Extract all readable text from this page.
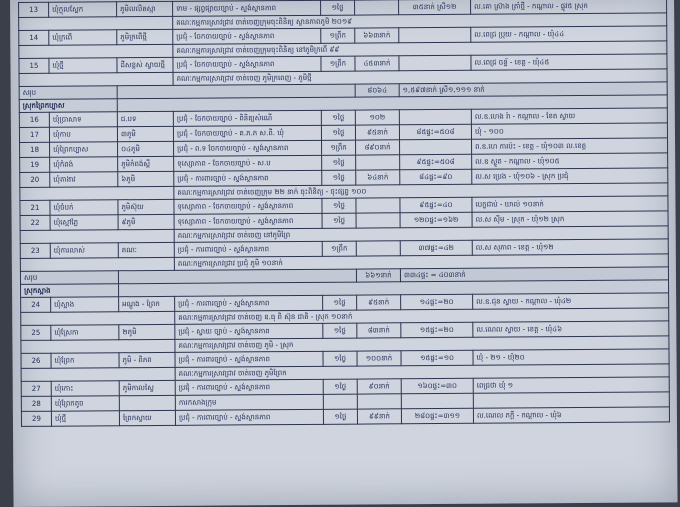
13	ឃុំក្ដុលស្លែក	ភូមិលលិតស្មា	ទាម - ផ្សព្វផ្សាយច្បាប់ - ស្ទង់ស្ថានភាព	១ថ្ងៃ		៣៥នាក់ ស្រី១២	ល.គោ ស្រ៊ាង ត្រាំថ្មី - កណ្ដាល - ផ្លូវ៥ ស្រុក
			គណៈកម្មការស្រាវជ្រាវ ចាត់ចេញក្រុមចុះពិនិត្យ ស្ថានភាពភូមិ ២០១៩				
14	ឃុំក្រពើ	ភូមិក្រពើថ្មី	ប្រជុំ - ចែកចាយច្បាប់ - ស្ទង់ស្ថានភាព	១ព្រឹក	៦៦៣នាក់		ល.ពេជ្រ ប្រុយ - កណ្ដាល - ឃុំ៤៤
			គណៈកម្មការស្រាវជ្រាវ ចាត់ចេញក្រុមចុះពិនិត្យ នៅភូមិក្រពើ ៩៩				
15	ឃុំថ្មី	ដីសខ្ពស់ ស្វាយថ្មី	ប្រជុំ - ចែកចាយច្បាប់ - ស្ទង់ស្ថានភាព	១ព្រឹក	៤៥៣នាក់		ល.ពេជ្រ ចន្ទ័ - ខេត្ត - ឃុំ៤៥
			គណៈកម្មការស្រាវជ្រាវ ចាត់ចេញ ភូមិក្រពេញ - ភូមិថ្មី				
សរុប					៨០៦៤	១,៥៩៧នាក់ ស្រី១,១១១ នាក់	
ស្រុកព្រៃកប្បាស							
16	ឃុំប្រាសាទ	ជ.បទ	ប្រជុំ - ចែកចាយច្បាប់ - ពិនិត្យសំណើ	១ថ្ងៃ	១០២		ល.ឧ.ហេង រ៉ា - កណ្ដាល - ខែត ស្វាយ
17	ឃុំកាប	៣ភូមិ	ប្រជុំ - ចែកចាយច្បាប់ - គ.ភ.ភ ស.ពី. ឃុំ	១ថ្ងៃ	៩៥នាក់	៨៥ផ្ទះ=៥០៨	ឃុំ - ១០០
18	ឃុំព្រៃកប្បាស	០៤ភូមិ	ប្រជុំ - ព.ទ ចែកចាយច្បាប់ - ស្ទង់ស្ថានភាព	១ព្រឹក	៨៩០នាក់		ព.ឧ.ហេ ការប៉ះ - ខេត្ត - ឃុំ១០៣ ល.ខេត្ត
19	ឃុំកំពង់	ភូមិកំពង់ស្ពឺ	ទុស្សោភាព - ចែកចាយច្បាប់ - ស.ប	១ថ្ងៃ		៩៥ផ្ទះ=៥០៨	ល.ឧ ស្ងួត - កណ្ដាល - ឃុំ១០៥
20	ឃុំតាងាវ	៦ភូមិ	ប្រជុំ - ការពារច្បាប់ - ស្ទង់ស្ថានភាព	១ថ្ងៃ	៦៤នាក់	៨៤ផ្ទះ=៩០	ល.ស ប្រេង - ឃុំ១០៦ - ស្រុក ប្រជុំ
			គណៈកម្មការស្រាវជ្រាវ ចាត់ចេញក្រុម ២២ នាក់ ចុះពិនិត្យ - ចុះផ្សព្វ ១០០				
21	ឃុំចំបក់	ភូមិស៊ុយ	ទុស្សោភាព - ចែកចាយច្បាប់ - ស្ទង់ស្ថានភាព	១ថ្ងៃ		៩៥ផ្ទះ=៤០	បេក្ខជាប់ - ឃាល់ ១០នាក់
22	ឃុំស្មៅភ្លៃ	៩ភូមិ	ទុស្សោភាព - ចែកចាយច្បាប់ - ស្ទង់ស្ថានភាព	១ថ្ងៃ		១២០ផ្ទះ=១៦២	ល.ស ស៊ីម - ស្រុក - ឃុំ១២ ស្រុក
			គណៈកម្មការស្រាវជ្រាវ ចាត់ចេញ នៅភូមិព្រៃ				
23	ឃុំការលាស់	គណៈ	ប្រជុំ - ការពារច្បាប់ - ស្ទង់ស្ថានភាព	១ព្រឹក		៣៧ផ្ទះ=៤២	ល.ស សុភាព - ខេត្ត - ឃុំ១២
			គណៈកម្មការស្រាវជ្រាវ ប្រជុំ ភូមិ ១០នាក់				
សរុប					៦៦១នាក់	៣៣៤ផ្ទះ = ៤០៣នាក់	
ស្រុកស្អាង							
24	ឃុំស្អាង	អណ្ដូង - ព្រែក	ប្រជុំ - ការពារច្បាប់ - ស្ទង់ស្ថានភាព	១ថ្ងៃ	៩៥នាក់	១៤ផ្ទះ=២០	ល.ឧ.ជុន ស្វាយ - កណ្ដាល - ឃុំ៤២
			គណៈកម្មការស្រាវជ្រាវ ចាត់ចេញ ឧ.ធុ ពិ ស៊ុន ជាតិ - ស្រុក ១០នាក់				
25	ឃុំស្រែកា	២ភូមិ	ប្រជុំ - ស្វាយ ច្បាប់ - ស្ទង់ស្ថានភាព	១ថ្ងៃ	៨៣នាក់	១៥ផ្ទះ=២០	ល.ណេល ស្វាយ - ខេត្ត - ឃុំ៤៦
			គណៈកម្មការស្រាវជ្រាវ ចាត់ចេញ ភូមិ - ស្រុក				
26	ឃុំព្រែក	ភូមិ - ពិភព	ប្រជុំ - ការពារច្បាប់ - ស្ទង់ស្ថានភាព	១ថ្ងៃ	១០០នាក់	១៥ផ្ទះ=១០	ឃុំ - ២១ - ឃុំ២០
			គណៈកម្មការស្រាវជ្រាវ ចាត់ចេញ ភូមិព្រែក				
27	ឃុំកោះ	ភូមិកាលស្ទៃ	ប្រជុំ - ការពារច្បាប់ - ស្ទង់ស្ថានភាព	១ថ្ងៃ	៩០នាក់	១៦០ផ្ទះ=៣០	ពេជ្រថា ឃុំ ១
28	ឃុំព្រែកតូច		ការកសាងក្រុម				
29	ឃុំថ្មី	ព្រែកស្វាយ	ប្រជុំ - ការពារច្បាប់ - ស្ទង់ស្ថានភាព	១ថ្ងៃ	៩៩នាក់	២៨០ផ្ទះ=៣១១	ល.ណេល ភក្តី - កណ្ដាល - ឃុំ៦
